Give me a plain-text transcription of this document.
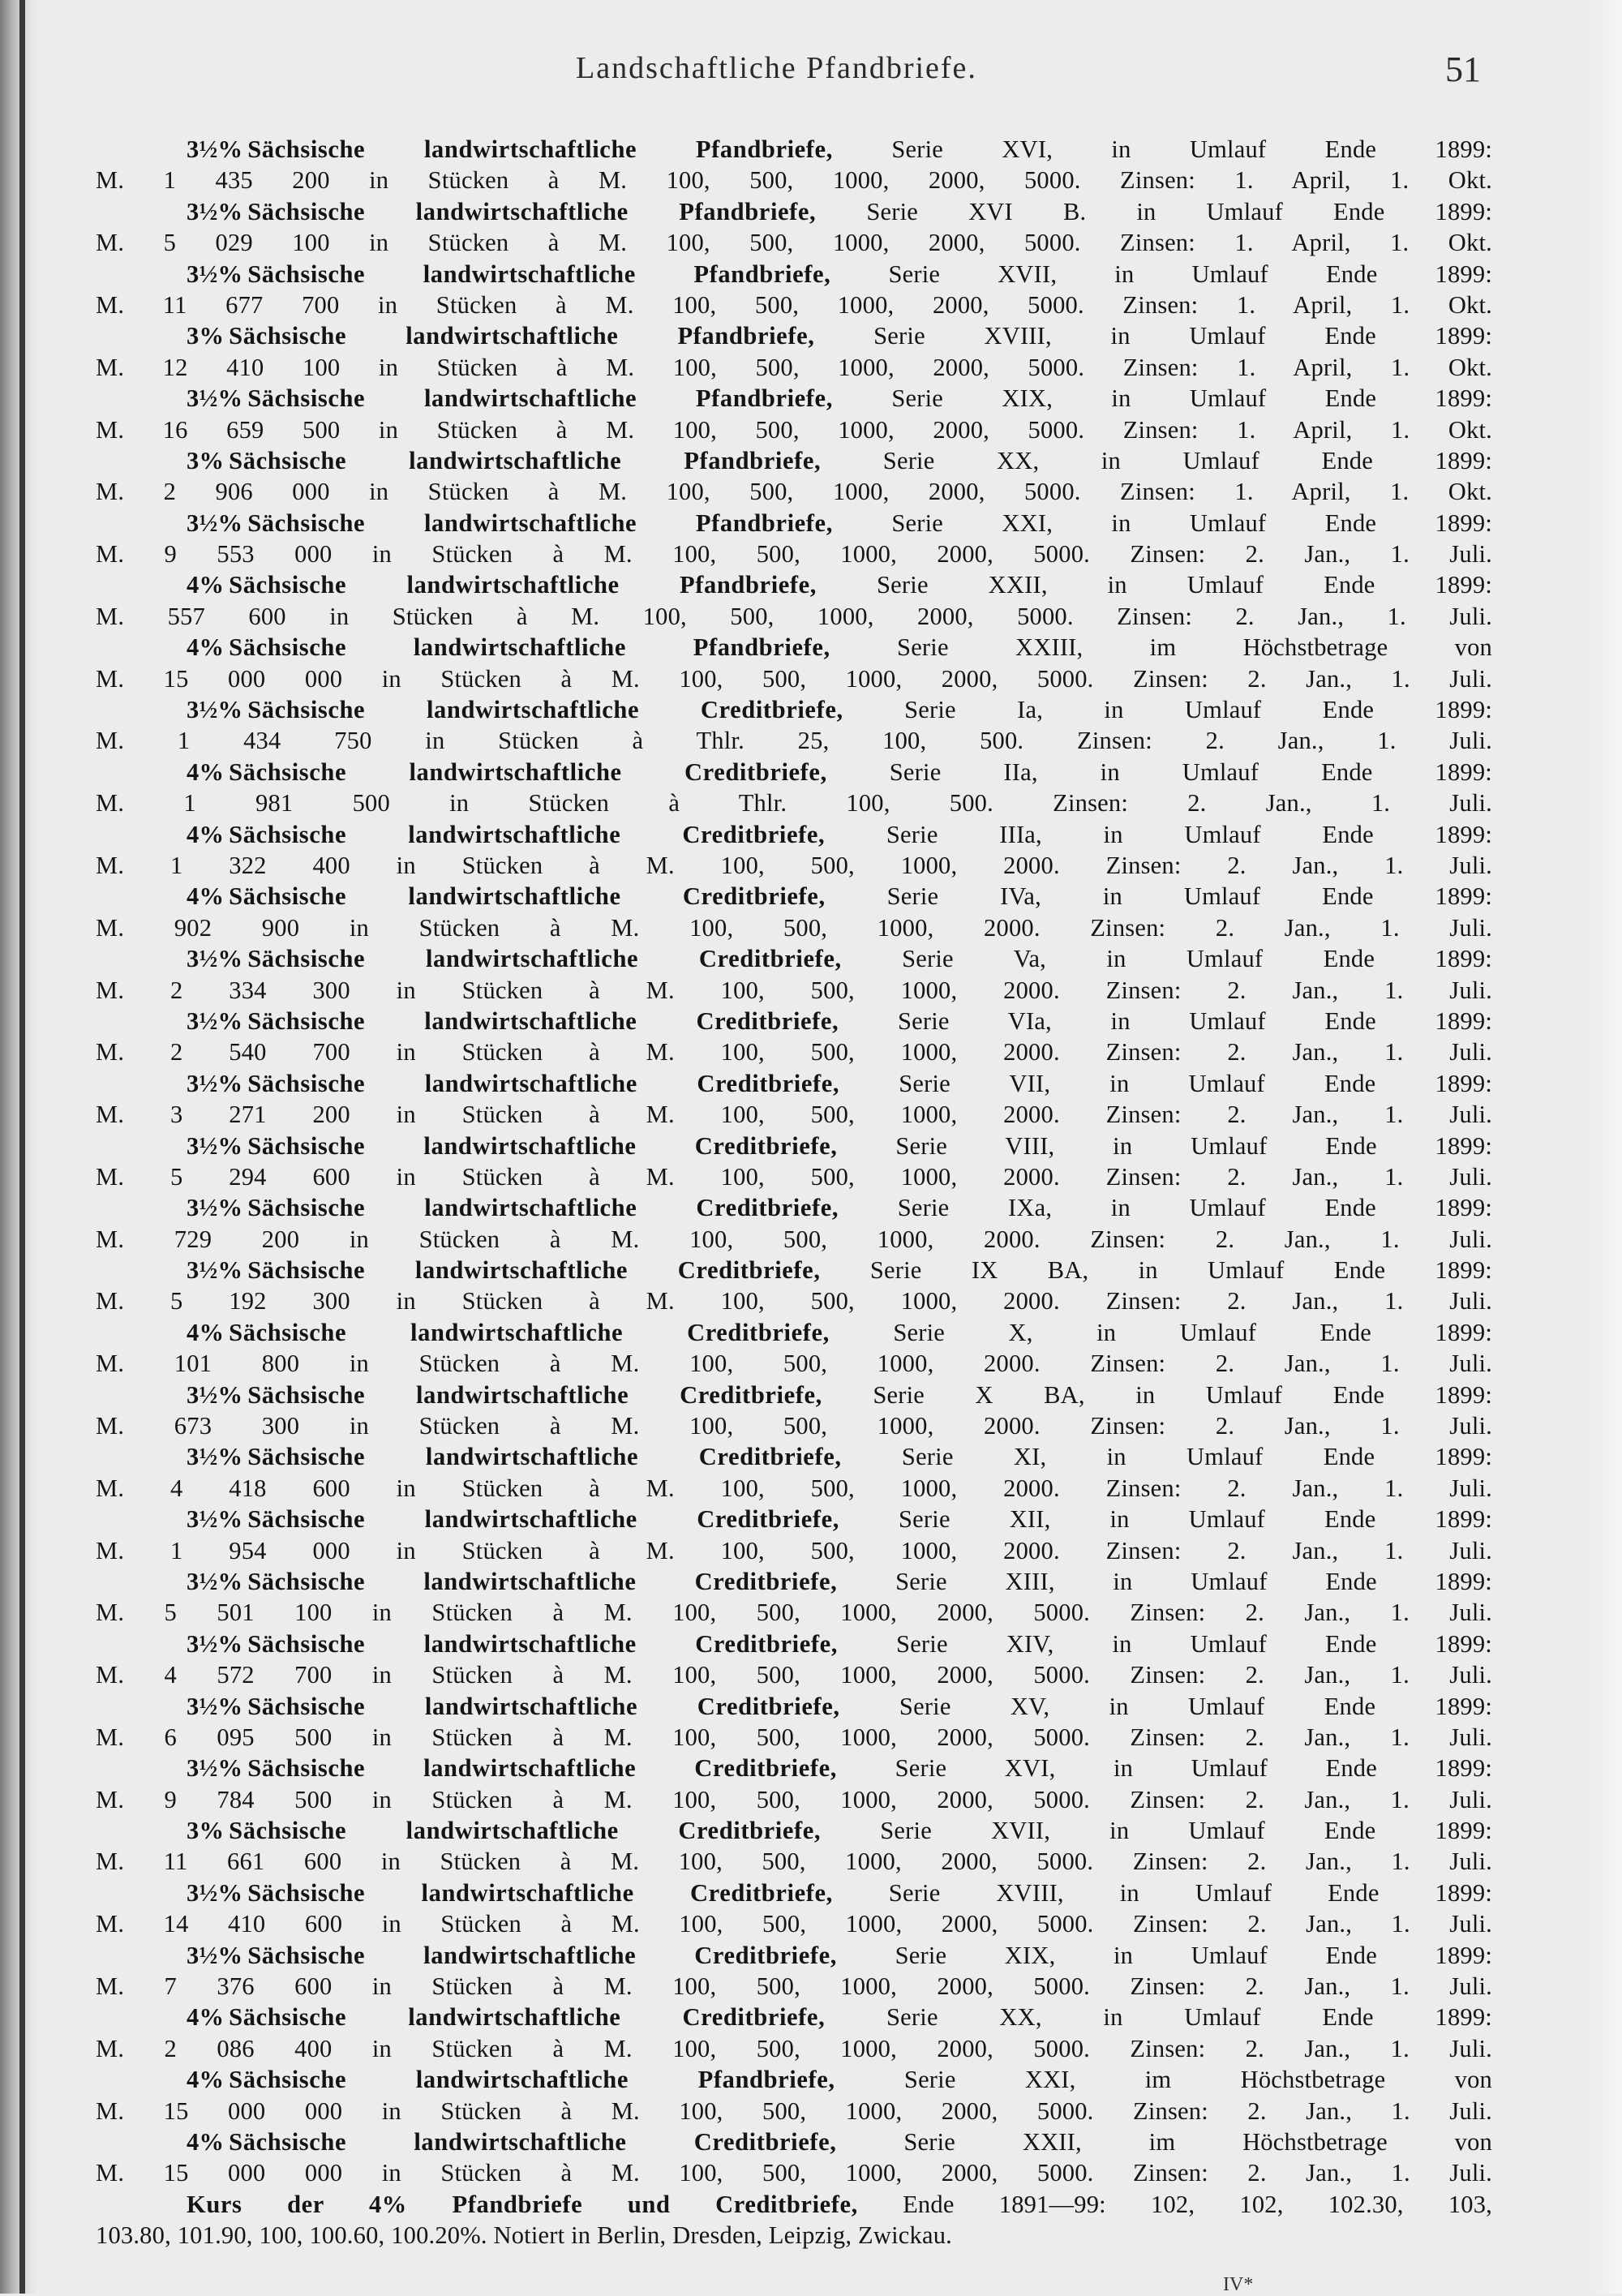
Landschaftliche Pfandbriefe.	51
3½% Sächsische landwirtschaftliche Pfandbriefe, Serie XVI, in Umlauf Ende 1899:
M. 1 435 200 in Stücken à M. 100, 500, 1000, 2000, 5000. Zinsen: 1. April, 1. Okt.
3½% Sächsische landwirtschaftliche Pfandbriefe, Serie XVI B. in Umlauf Ende 1899:
M. 5 029 100 in Stücken à M. 100, 500, 1000, 2000, 5000. Zinsen: 1. April, 1. Okt.
3½% Sächsische landwirtschaftliche Pfandbriefe, Serie XVII, in Umlauf Ende 1899:
M. 11 677 700 in Stücken à M. 100, 500, 1000, 2000, 5000. Zinsen: 1. April, 1. Okt.
3% Sächsische landwirtschaftliche Pfandbriefe, Serie XVIII, in Umlauf Ende 1899:
M. 12 410 100 in Stücken à M. 100, 500, 1000, 2000, 5000. Zinsen: 1. April, 1. Okt.
3½% Sächsische landwirtschaftliche Pfandbriefe, Serie XIX, in Umlauf Ende 1899:
M. 16 659 500 in Stücken à M. 100, 500, 1000, 2000, 5000. Zinsen: 1. April, 1. Okt.
3% Sächsische landwirtschaftliche Pfandbriefe,	Serie XX, in Umlauf Ende 1899:
M. 2 906 000 in Stücken à M. 100, 500, 1000, 2000, 5000. Zinsen: 1. April, 1. Okt.
3½% Sächsische landwirtschaftliche Pfandbriefe, Serie XXI, in Umlauf Ende 1899:
M. 9 553 000 in Stücken à M. 100, 500, 1000, 2000, 5000. Zinsen: 2. Jan., 1. Juli.
4% Sächsische landwirtschaftliche Pfandbriefe, Serie XXII, in Umlauf Ende 1899:
M. 557 600 in Stücken à M. 100, 500, 1000, 2000, 5000. Zinsen: 2. Jan., 1. Juli.
4% Sächsische landwirtschaftliche Pfandbriefe,	Serie XXIII, im Höchstbetrage von
M. 15 000 000 in Stücken à M. 100, 500, 1000, 2000, 5000. Zinsen: 2. Jan., 1. Juli.
3½% Sächsische landwirtschaftliche Creditbriefe, Serie Ia, in Umlauf Ende 1899:
M. 1 434 750 in Stücken à Thlr. 25, 100, 500. Zinsen: 2. Jan., 1. Juli.
4% Sächsische landwirtschaftliche Creditbriefe,	Serie IIa, in Umlauf Ende 1899:
M. 1 981 500 in Stücken à Thlr. 100, 500. Zinsen: 2. Jan., 1. Juli.
4% Sächsische landwirtschaftliche Creditbriefe, Serie IIIa, in Umlauf Ende 1899:
M. 1 322 400 in Stücken à M. 100, 500, 1000, 2000. Zinsen: 2. Jan., 1. Juli.
4% Sächsische landwirtschaftliche Creditbriefe, Serie IVa, in Umlauf Ende 1899:
M. 902 900 in Stücken à M. 100, 500, 1000, 2000. Zinsen: 2. Jan., 1. Juli.
3½% Sächsische landwirtschaftliche Creditbriefe, Serie Va, in Umlauf Ende 1899:
M. 2 334 300 in Stücken à M. 100, 500, 1000, 2000. Zinsen: 2. Jan., 1. Juli.
3½% Sächsische landwirtschaftliche Creditbriefe, Serie VIa, in Umlauf Ende 1899:
M. 2 540 700 in Stücken à M. 100, 500, 1000, 2000. Zinsen: 2. Jan., 1. Juli.
3½% Sächsische landwirtschaftliche Creditbriefe, Serie VII, in Umlauf Ende 1899:
M. 3 271 200 in Stücken à M. 100, 500, 1000, 2000. Zinsen: 2. Jan., 1. Juli.
3½% Sächsische landwirtschaftliche Creditbriefe, Serie VIII, in Umlauf Ende 1899:
M. 5 294 600 in Stücken à M. 100, 500, 1000, 2000. Zinsen: 2. Jan., 1. Juli.
3½% Sächsische landwirtschaftliche Creditbriefe, Serie IXa, in Umlauf Ende 1899:
M. 729 200 in Stücken à M. 100, 500, 1000, 2000. Zinsen: 2. Jan., 1. Juli.
3½% Sächsische landwirtschaftliche Creditbriefe, Serie IX BA, in Umlauf Ende 1899:
M. 5 192 300 in Stücken à M. 100, 500, 1000, 2000. Zinsen: 2. Jan., 1. Juli.
4% Sächsische landwirtschaftliche Creditbriefe,	Serie X, in Umlauf Ende 1899:
M. 101 800 in Stücken à M. 100, 500, 1000, 2000. Zinsen: 2. Jan., 1. Juli.
3½% Sächsische landwirtschaftliche Creditbriefe, Serie X BA, in Umlauf Ende 1899:
M. 673 300 in Stücken à M. 100, 500, 1000, 2000. Zinsen: 2. Jan., 1. Juli.
3½% Sächsische landwirtschaftliche Creditbriefe, Serie XI, in Umlauf Ende 1899:
M. 4 418 600 in Stücken à M. 100, 500, 1000, 2000. Zinsen: 2. Jan., 1. Juli.
3½% Sächsische landwirtschaftliche Creditbriefe, Serie XII, in Umlauf Ende 1899:
M. 1 954 000 in Stücken à M. 100, 500, 1000, 2000. Zinsen: 2. Jan., 1. Juli.
3½% Sächsische landwirtschaftliche Creditbriefe, Serie XIII, in Umlauf Ende 1899:
M. 5 501 100 in Stücken à M. 100, 500, 1000, 2000, 5000. Zinsen: 2. Jan., 1. Juli.
3½% Sächsische landwirtschaftliche Creditbriefe, Serie XIV, in Umlauf Ende 1899:
M. 4 572 700 in Stücken à M. 100, 500, 1000, 2000, 5000. Zinsen: 2. Jan., 1. Juli.
3½% Sächsische landwirtschaftliche Creditbriefe, Serie XV, in Umlauf Ende 1899:
M. 6 095 500 in Stücken à M. 100, 500, 1000, 2000, 5000. Zinsen: 2. Jan., 1. Juli.
3½% Sächsische landwirtschaftliche Creditbriefe, Serie XVI, in Umlauf Ende 1899:
M. 9 784 500 in Stücken à M. 100, 500, 1000, 2000, 5000. Zinsen: 2. Jan., 1. Juli.
3% Sächsische landwirtschaftliche Creditbriefe, Serie XVII, in Umlauf Ende 1899:
M. 11 661 600 in Stücken à M. 100, 500, 1000, 2000, 5000. Zinsen: 2. Jan., 1. Juli.
3½% Sächsische landwirtschaftliche Creditbriefe, Serie XVIII, in Umlauf Ende 1899:
M. 14 410 600 in Stücken à M. 100, 500, 1000, 2000, 5000. Zinsen: 2. Jan., 1. Juli.
3½% Sächsische landwirtschaftliche Creditbriefe, Serie XIX, in Umlauf Ende 1899:
M. 7 376 600 in Stücken à M. 100, 500, 1000, 2000, 5000. Zinsen: 2. Jan., 1. Juli.
4% Sächsische landwirtschaftliche Creditbriefe, Serie XX, in Umlauf Ende 1899:
M. 2 086 400 in Stücken à M. 100, 500, 1000, 2000, 5000. Zinsen: 2. Jan., 1. Juli.
4% Sächsische landwirtschaftliche Pfandbriefe,	Serie XXI, im Höchstbetrage von
M. 15 000 000 in Stücken à M. 100, 500, 1000, 2000, 5000. Zinsen: 2. Jan., 1. Juli.
4% Sächsische landwirtschaftliche Creditbriefe,	Serie XXII, im Höchstbetrage von
M. 15 000 000 in Stücken à M. 100, 500, 1000, 2000, 5000. Zinsen: 2. Jan., 1. Juli.
Kurs der 4% Pfandbriefe und Creditbriefe, Ende 1891—99: 102, 102, 102.30, 103,
103.80, 101.90, 100, 100.60, 100.20%. Notiert in Berlin, Dresden, Leipzig, Zwickau.
IV*
